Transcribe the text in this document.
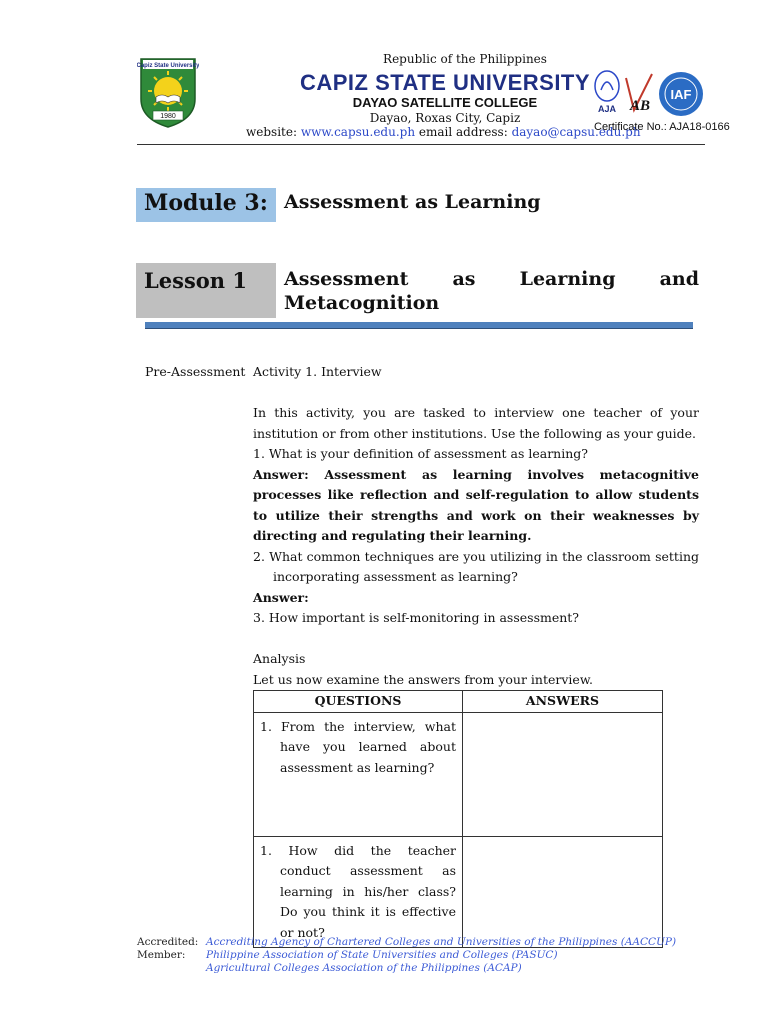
Capiz State University
1980
Republic of the Philippines
CAPIZ STATE UNIVERSITY
DAYAO SATELLITE COLLEGE
Dayao, Roxas City, Capiz
website: www.capsu.edu.ph email address: dayao@capsu.edu.ph
AJA AB
IAF
Certificate No.: AJA18-0166
Module 3: Assessment as Learning
Lesson 1 Assessment as Learning and
Metacognition
Pre-Assessment Activity 1. Interview

In this activity, you are tasked to interview one teacher of your institution or from other institutions. Use the following as your guide.

1. What is your definition of assessment as learning?

Answer: Assessment as learning involves metacognitive processes like reflection and self-regulation to allow students to utilize their strengths and work on their weaknesses by directing and regulating their learning.

2. What common techniques are you utilizing in the classroom setting incorporating assessment as learning?

Answer:

3. How important is self-monitoring in assessment?

Analysis

Let us now examine the answers from your interview.

QUESTIONS	ANSWERS

1. From the interview, what have you learned about assessment as learning?	

1. How did the teacher conduct assessment as learning in his/her class? Do you think it is effective or not?	

Accredited:
Member:
Accrediting Agency of Chartered Colleges and Universities of the Philippines (AACCUP)
Philippine Association of State Universities and Colleges (PASUC)
Agricultural Colleges Association of the Philippines (ACAP)
